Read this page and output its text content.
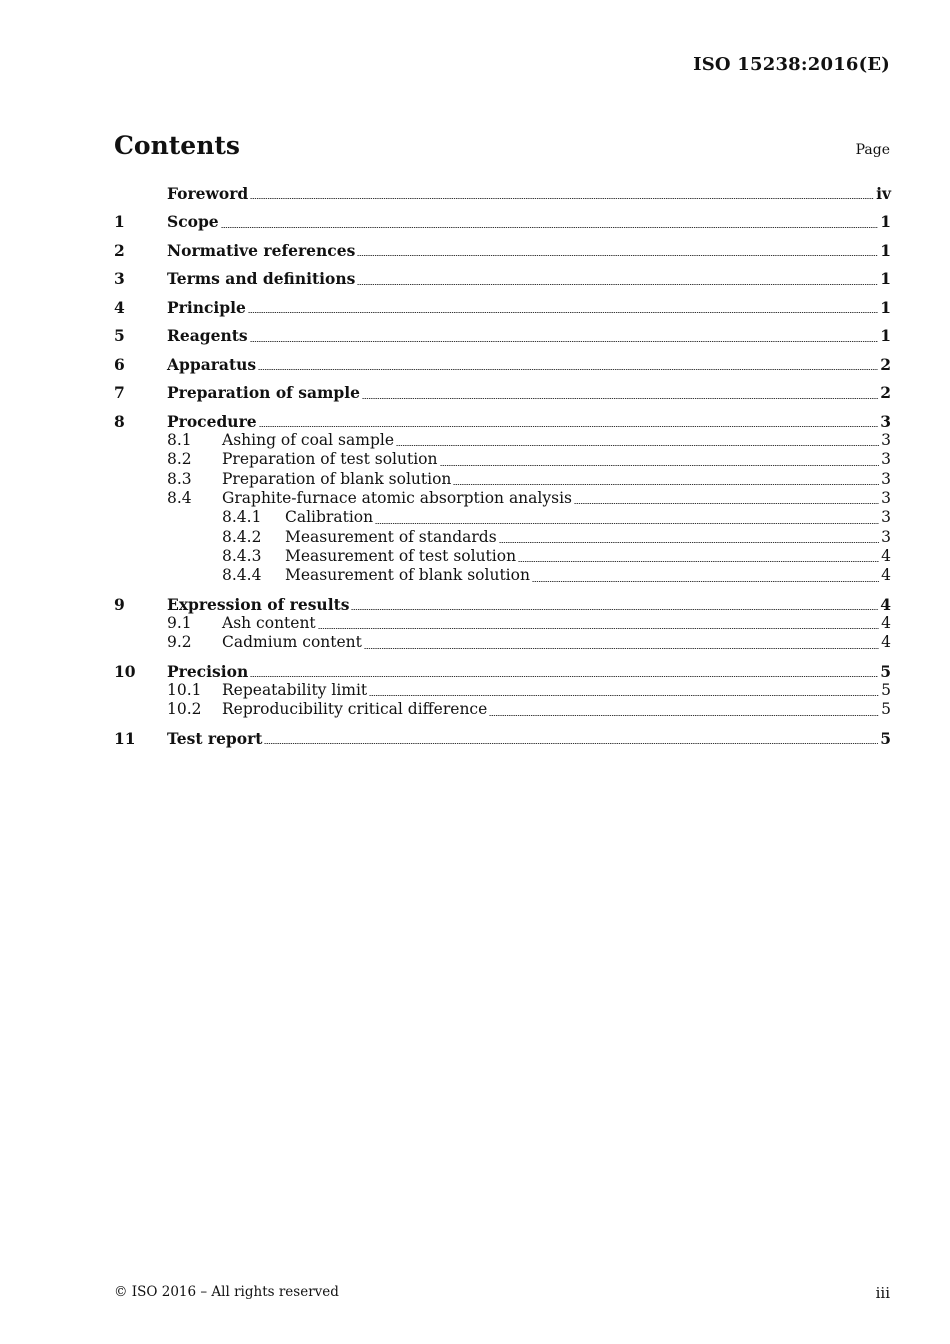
ISO 15238:2016(E)
Contents	Page
Foreword	iv
1	Scope	1
2	Normative references	1
3	Terms and definitions	1
4	Principle	1
5	Reagents	1
6	Apparatus	2
7	Preparation of sample	2
8	Procedure	3
8.1	Ashing of coal sample	3
8.2	Preparation of test solution	3
8.3	Preparation of blank solution	3
8.4	Graphite-furnace atomic absorption analysis	3
8.4.1	Calibration	3
8.4.2	Measurement of standards	3
8.4.3	Measurement of test solution	4
8.4.4	Measurement of blank solution	4
9	Expression of results	4
9.1	Ash content	4
9.2	Cadmium content	4
10	Precision	5
10.1	Repeatability limit	5
10.2	Reproducibility critical difference	5
11	Test report	5
© ISO 2016 – All rights reserved	iii
